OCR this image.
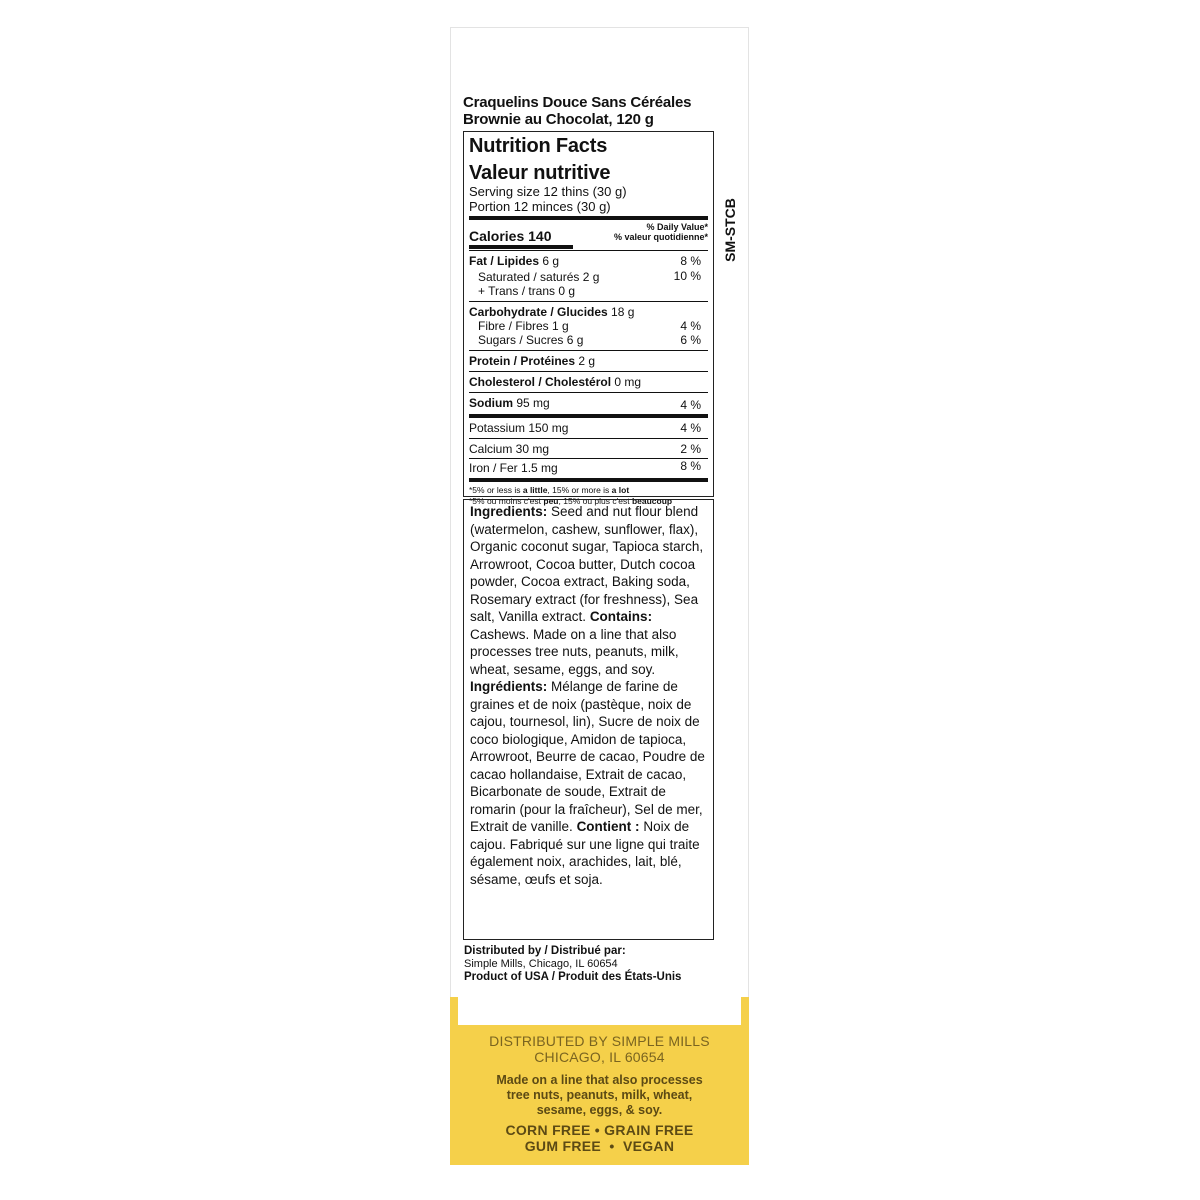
Craquelins Douce Sans Céréales
Brownie au Chocolat, 120 g
SM-STCB
Nutrition Facts
Valeur nutritive
Serving size 12 thins (30 g)
Portion 12 minces (30 g)
Calories 140
% Daily Value*
% valeur quotidienne*
Fat / Lipides 6 g	8 %
Saturated / saturés 2 g	10 %
+ Trans / trans 0 g
Carbohydrate / Glucides 18 g
Fibre / Fibres 1 g	4 %
Sugars / Sucres 6 g	6 %
Protein / Protéines 2 g
Cholesterol / Cholestérol 0 mg
Sodium 95 mg	4 %
Potassium 150 mg	4 %
Calcium 30 mg	2 %
Iron / Fer 1.5 mg	8 %
*5% or less is a little, 15% or more is a lot
*5% ou moins c'est peu, 15% ou plus c'est beaucoup
Ingredients: Seed and nut flour blend (watermelon, cashew, sunflower, flax), Organic coconut sugar, Tapioca starch, Arrowroot, Cocoa butter, Dutch cocoa powder, Cocoa extract, Baking soda, Rosemary extract (for freshness), Sea salt, Vanilla extract. Contains: Cashews. Made on a line that also processes tree nuts, peanuts, milk, wheat, sesame, eggs, and soy. Ingrédients: Mélange de farine de graines et de noix (pastèque, noix de cajou, tournesol, lin), Sucre de noix de coco biologique, Amidon de tapioca, Arrowroot, Beurre de cacao, Poudre de cacao hollandaise, Extrait de cacao, Bicarbonate de soude, Extrait de romarin (pour la fraîcheur), Sel de mer, Extrait de vanille. Contient : Noix de cajou. Fabriqué sur une ligne qui traite également noix, arachides, lait, blé, sésame, œufs et soja.
Distributed by / Distribué par:
Simple Mills, Chicago, IL 60654
Product of USA / Produit des États-Unis
DISTRIBUTED BY SIMPLE MILLS
CHICAGO, IL 60654
Made on a line that also processes
tree nuts, peanuts, milk, wheat,
sesame, eggs, & soy.
CORN FREE • GRAIN FREE
GUM FREE  •  VEGAN
